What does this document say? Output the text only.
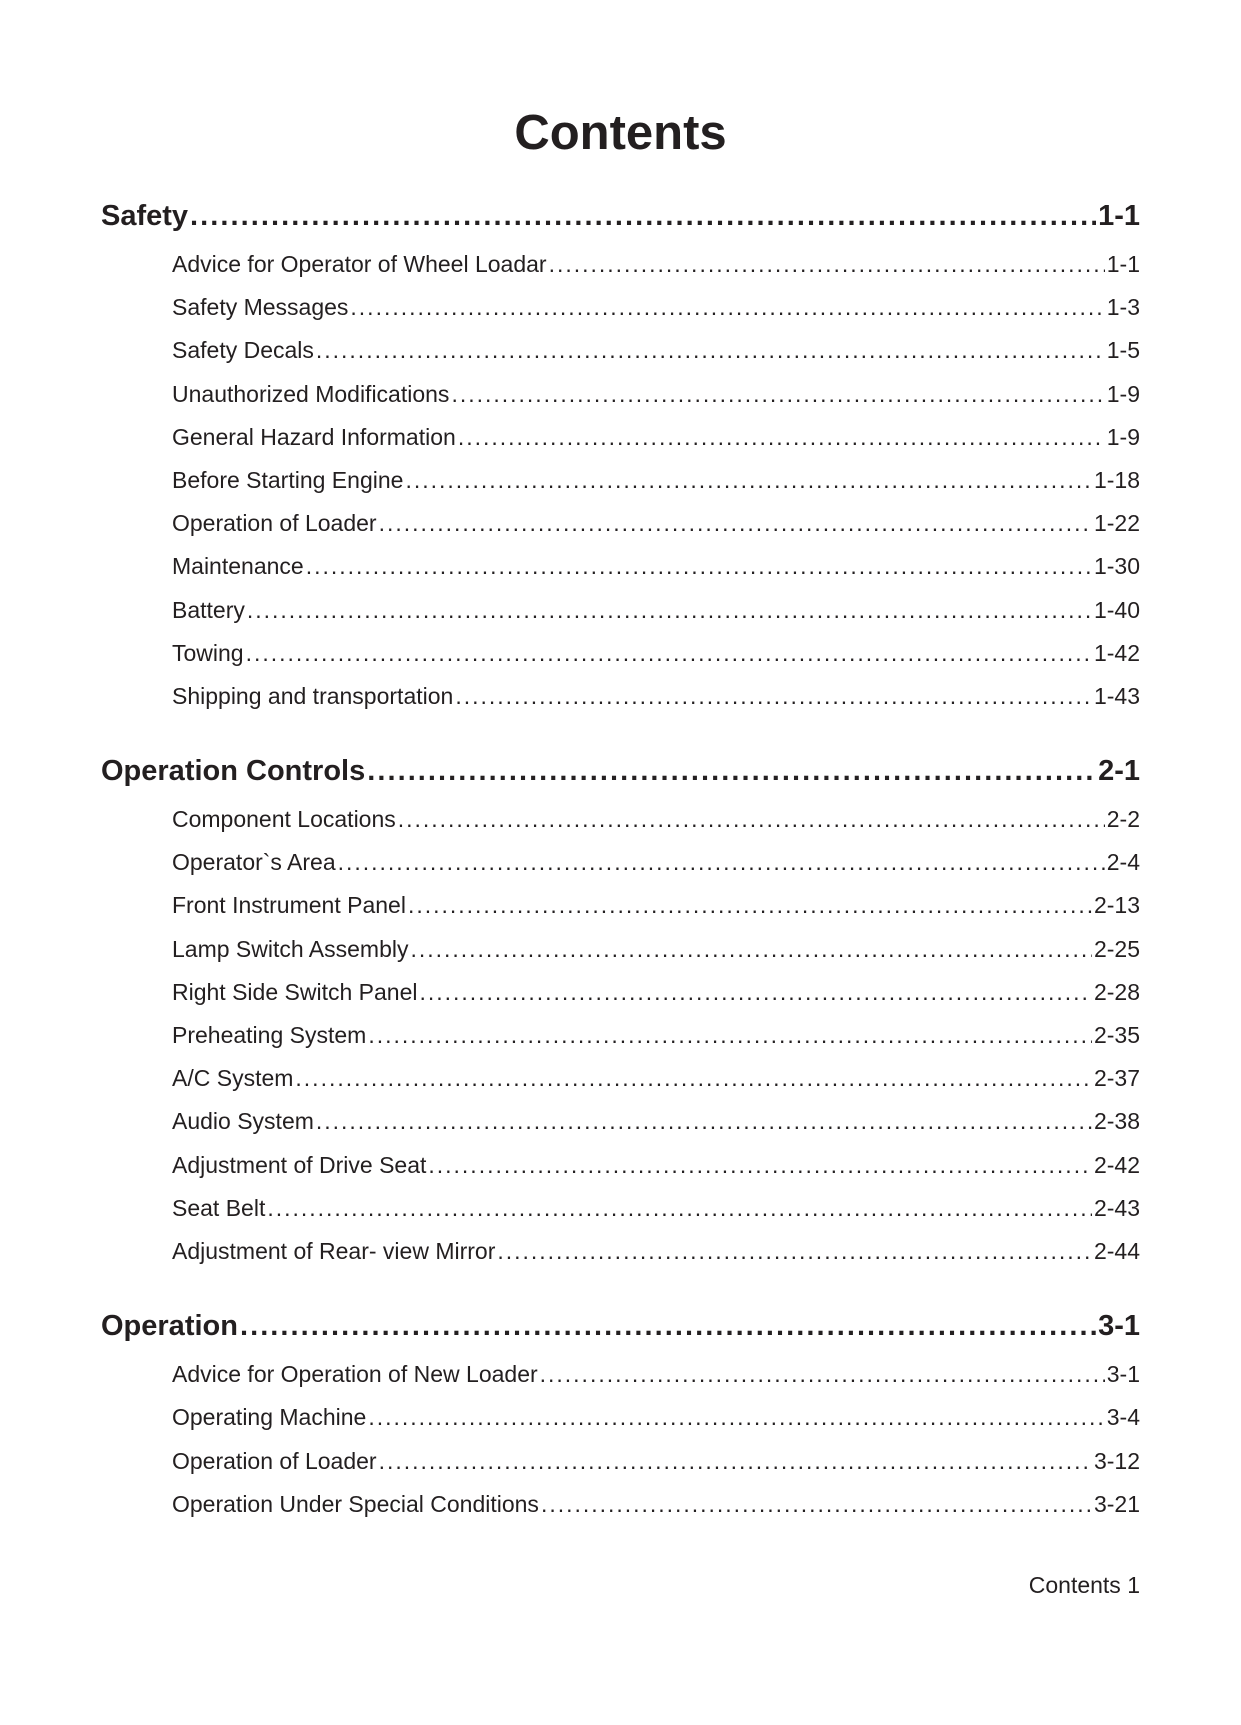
Contents
Safety . . .	1-1
Advice for Operator of Wheel Loadar . . .	1-1
Safety Messages . . .	1-3
Safety Decals . . .	1-5
Unauthorized Modifications . . .	1-9
General Hazard Information . . .	1-9
Before Starting Engine . . .	1-18
Operation of Loader . . .	1-22
Maintenance . . .	1-30
Battery . . .	1-40
Towing . . .	1-42
Shipping and transportation . . .	1-43
Operation Controls . . .	2-1
Component Locations . . .	2-2
Operator`s Area . . .	2-4
Front Instrument Panel . . .	2-13
Lamp Switch Assembly . . .	2-25
Right Side Switch Panel . . .	2-28
Preheating System . . .	2-35
A/C System . . .	2-37
Audio System . . .	2-38
Adjustment of Drive Seat . . .	2-42
Seat Belt . . .	2-43
Adjustment of Rear- view Mirror . . .	2-44
Operation . . .	3-1
Advice for Operation of New Loader . . .	3-1
Operating Machine . . .	3-4
Operation of Loader . . .	3-12
Operation Under Special Conditions . . .	3-21
Contents 1
